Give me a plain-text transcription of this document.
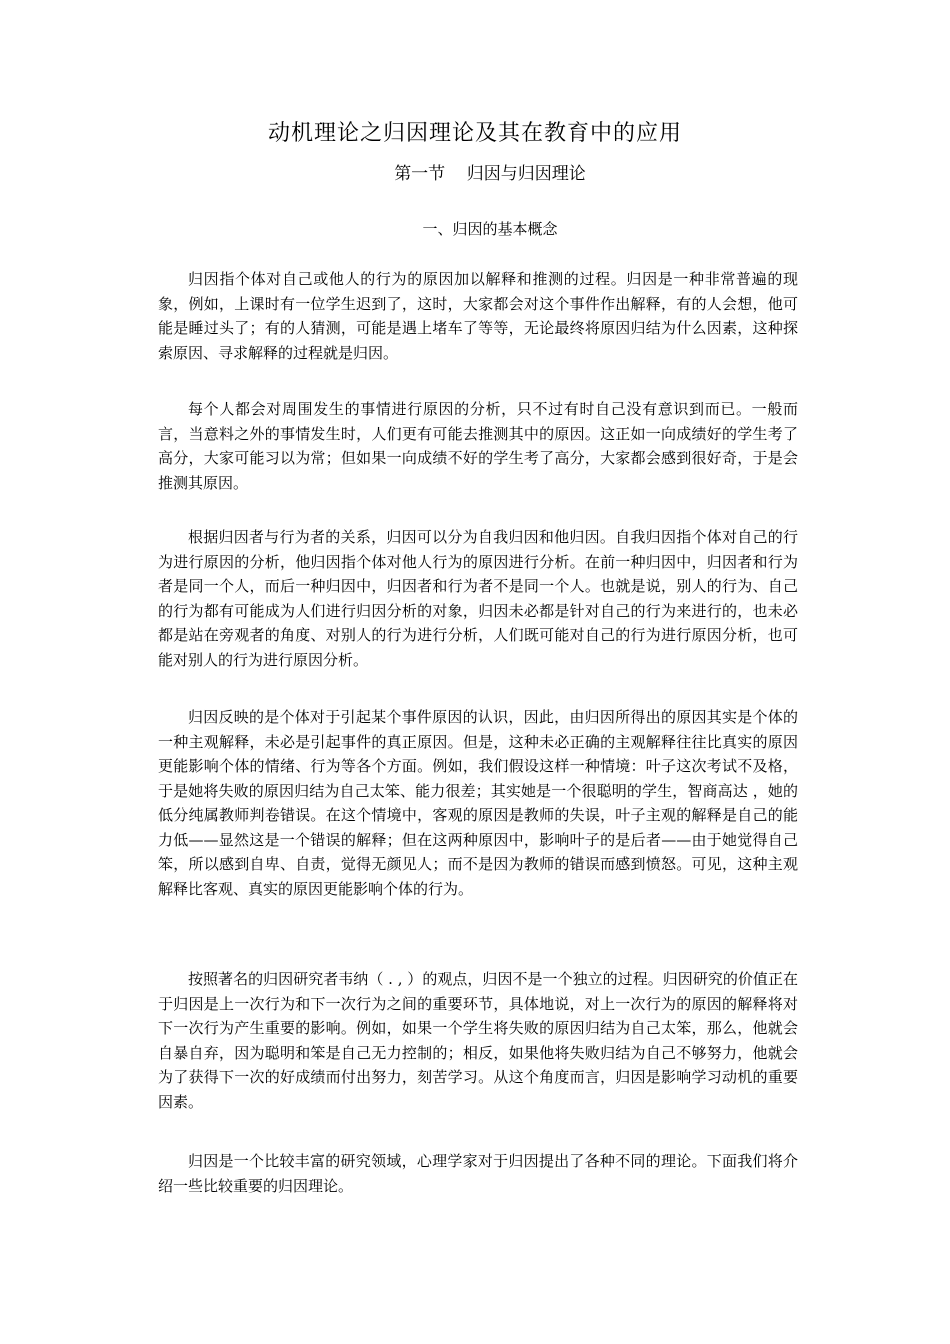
动机理论之归因理论及其在教育中的应用
第一节    归因与归因理论
一、归因的基本概念

归因指个体对自己或他人的行为的原因加以解释和推测的过程。归因是一种非常普遍的现象，例如，上课时有一位学生迟到了，这时，大家都会对这个事件作出解释，有的人会想，他可能是睡过头了；有的人猜测，可能是遇上堵车了等等，无论最终将原因归结为什么因素，这种探索原因、寻求解释的过程就是归因。

每个人都会对周围发生的事情进行原因的分析，只不过有时自己没有意识到而已。一般而言，当意料之外的事情发生时，人们更有可能去推测其中的原因。这正如一向成绩好的学生考了高分，大家可能习以为常；但如果一向成绩不好的学生考了高分，大家都会感到很好奇，于是会推测其原因。

根据归因者与行为者的关系，归因可以分为自我归因和他归因。自我归因指个体对自己的行为进行原因的分析，他归因指个体对他人行为的原因进行分析。在前一种归因中，归因者和行为者是同一个人，而后一种归因中，归因者和行为者不是同一个人。也就是说，别人的行为、自己的行为都有可能成为人们进行归因分析的对象，归因未必都是针对自己的行为来进行的，也未必都是站在旁观者的角度、对别人的行为进行分析，人们既可能对自己的行为进行原因分析，也可能对别人的行为进行原因分析。

归因反映的是个体对于引起某个事件原因的认识，因此，由归因所得出的原因其实是个体的一种主观解释，未必是引起事件的真正原因。但是，这种未必正确的主观解释往往比真实的原因更能影响个体的情绪、行为等各个方面。例如，我们假设这样一种情境：叶子这次考试不及格，于是她将失败的原因归结为自己太笨、能力很差；其实她是一个很聪明的学生，智商高达 ，她的低分纯属教师判卷错误。在这个情境中，客观的原因是教师的失误，叶子主观的解释是自己的能力低——显然这是一个错误的解释；但在这两种原因中，影响叶子的是后者——由于她觉得自己笨，所以感到自卑、自责，觉得无颜见人；而不是因为教师的错误而感到愤怒。可见，这种主观解释比客观、真实的原因更能影响个体的行为。

按照著名的归因研究者韦纳（ . , ）的观点，归因不是一个独立的过程。归因研究的价值正在于归因是上一次行为和下一次行为之间的重要环节，具体地说，对上一次行为的原因的解释将对下一次行为产生重要的影响。例如，如果一个学生将失败的原因归结为自己太笨，那么，他就会自暴自弃，因为聪明和笨是自己无力控制的；相反，如果他将失败归结为自己不够努力，他就会为了获得下一次的好成绩而付出努力，刻苦学习。从这个角度而言，归因是影响学习动机的重要因素。

归因是一个比较丰富的研究领域，心理学家对于归因提出了各种不同的理论。下面我们将介绍一些比较重要的归因理论。
